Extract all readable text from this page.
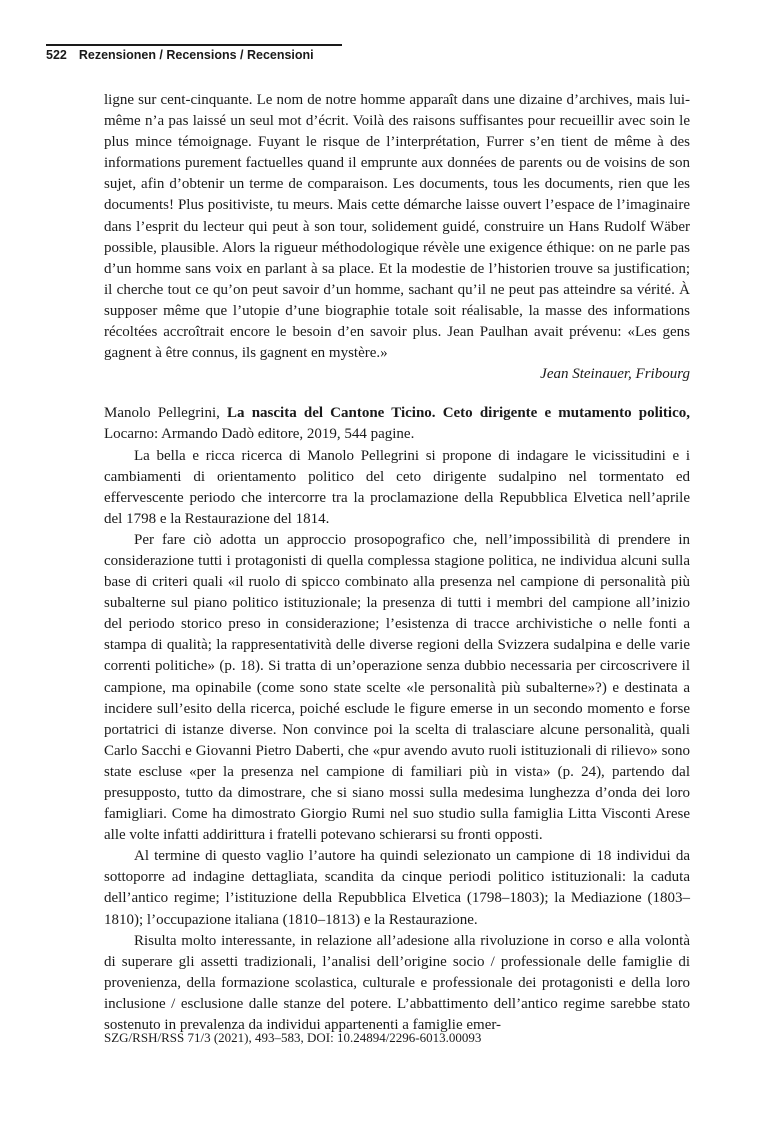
522 Rezensionen / Recensions / Recensioni

ligne sur cent-cinquante. Le nom de notre homme apparaît dans une dizaine d’archives, mais lui-même n’a pas laissé un seul mot d’écrit. Voilà des raisons suffisantes pour recueillir avec soin le plus mince témoignage. Fuyant le risque de l’interprétation, Furrer s’en tient de même à des informations purement factuelles quand il emprunte aux données de parents ou de voisins de son sujet, afin d’obtenir un terme de comparaison. Les documents, tous les documents, rien que les documents! Plus positiviste, tu meurs. Mais cette démarche laisse ouvert l’espace de l’imaginaire dans l’esprit du lecteur qui peut à son tour, solidement guidé, construire un Hans Rudolf Wäber possible, plausible. Alors la rigueur méthodologique révèle une exigence éthique: on ne parle pas d’un homme sans voix en parlant à sa place. Et la modestie de l’historien trouve sa justification; il cherche tout ce qu’on peut savoir d’un homme, sachant qu’il ne peut pas atteindre sa vérité. À supposer même que l’utopie d’une biographie totale soit réalisable, la masse des informations récoltées accroîtrait encore le besoin d’en savoir plus. Jean Paulhan avait prévenu: «Les gens gagnent à être connus, ils gagnent en mystère.»

Jean Steinauer, Fribourg

Manolo Pellegrini, La nascita del Cantone Ticino. Ceto dirigente e mutamento politico, Locarno: Armando Dadò editore, 2019, 544 pagine.

La bella e ricca ricerca di Manolo Pellegrini si propone di indagare le vicissitudini e i cambiamenti di orientamento politico del ceto dirigente sudalpino nel tormentato ed effervescente periodo che intercorre tra la proclamazione della Repubblica Elvetica nell’aprile del 1798 e la Restaurazione del 1814.

Per fare ciò adotta un approccio prosopografico che, nell’impossibilità di prendere in considerazione tutti i protagonisti di quella complessa stagione politica, ne individua alcuni sulla base di criteri quali «il ruolo di spicco combinato alla presenza nel campione di personalità più subalterne sul piano politico istituzionale; la presenza di tutti i membri del campione all’inizio del periodo storico preso in considerazione; l’esistenza di tracce archivistiche o nelle fonti a stampa di qualità; la rappresentatività delle diverse regioni della Svizzera sudalpina e delle varie correnti politiche» (p. 18). Si tratta di un’operazione senza dubbio necessaria per circoscrivere il campione, ma opinabile (come sono state scelte «le personalità più subalterne»?) e destinata a incidere sull’esito della ricerca, poiché esclude le figure emerse in un secondo momento e forse portatrici di istanze diverse. Non convince poi la scelta di tralasciare alcune personalità, quali Carlo Sacchi e Giovanni Pietro Daberti, che «pur avendo avuto ruoli istituzionali di rilievo» sono state escluse «per la presenza nel campione di familiari più in vista» (p. 24), partendo dal presupposto, tutto da dimostrare, che si siano mossi sulla medesima lunghezza d’onda dei loro famigliari. Come ha dimostrato Giorgio Rumi nel suo studio sulla famiglia Litta Visconti Arese alle volte infatti addirittura i fratelli potevano schierarsi su fronti opposti.

Al termine di questo vaglio l’autore ha quindi selezionato un campione di 18 individui da sottoporre ad indagine dettagliata, scandita da cinque periodi politico istituzionali: la caduta dell’antico regime; l’istituzione della Repubblica Elvetica (1798–1803); la Mediazione (1803–1810); l’occupazione italiana (1810–1813) e la Restaurazione.

Risulta molto interessante, in relazione all’adesione alla rivoluzione in corso e alla volontà di superare gli assetti tradizionali, l’analisi dell’origine socio / professionale delle famiglie di provenienza, della formazione scolastica, culturale e professionale dei protagonisti e della loro inclusione / esclusione dalle stanze del potere. L’abbattimento dell’antico regime sarebbe stato sostenuto in prevalenza da individui appartenenti a famiglie emer-

SZG/RSH/RSS 71/3 (2021), 493–583, DOI: 10.24894/2296-6013.00093
